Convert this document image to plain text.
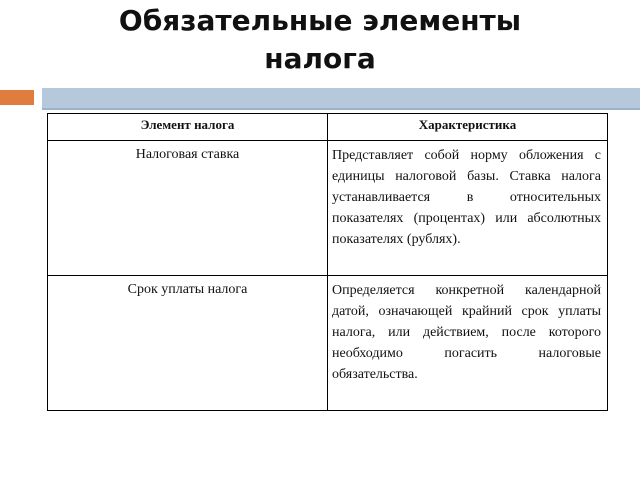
Обязательные элементы
налога
Элемент налога	Характеристика
Налоговая ставка	Представляет собой норму обложения с единицы налоговой базы. Ставка налога устанавливается в относительных показателях (процентах) или абсолютных показателях (рублях).
Срок уплаты налога	Определяется конкретной календарной датой, означающей крайний срок уплаты налога, или действием, после которого необходимо погасить налоговые обязательства.
